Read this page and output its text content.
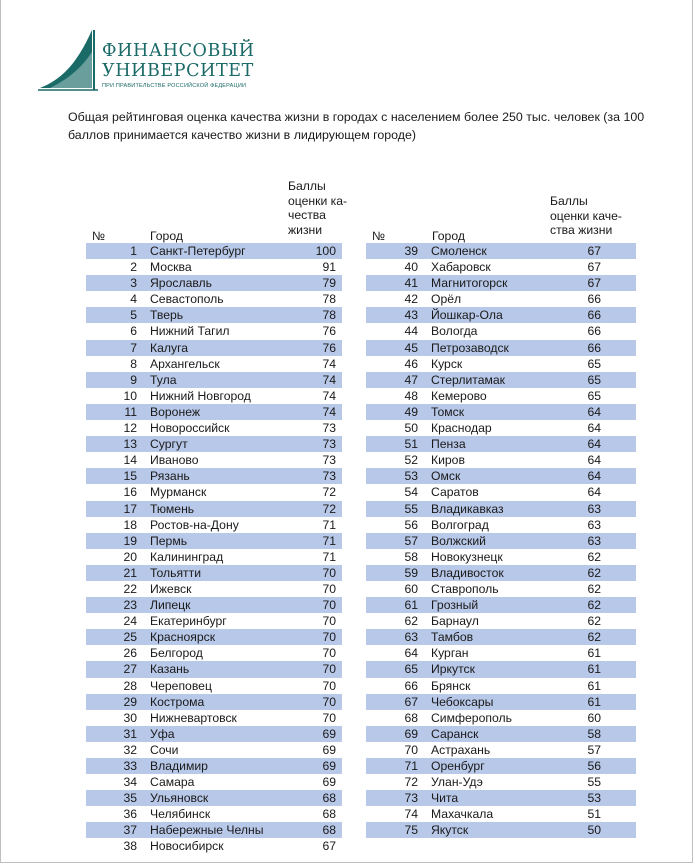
1919
ФИНАНСОВЫЙ
УНИВЕРСИТЕТ
ПРИ ПРАВИТЕЛЬСТВЕ РОССИЙСКОЙ ФЕДЕРАЦИИ
Общая рейтинговая оценка качества жизни в городах с населением более 250 тыс. человек (за 100 баллов принимается качество жизни в лидирующем городе)
№	Город
Баллы
оценки ка-
чества
жизни	№	Город
Баллы
оценки каче-
ства жизни
1 Санкт-Петербург	100
2 Москва	91
3 Ярославль	79
4 Севастополь	78
5 Тверь	78
6 Нижний Тагил	76
7 Калуга	76
8 Архангельск	74
9 Тула	74
10 Нижний Новгород	74
11 Воронеж	74
12 Новороссийск	73
13 Сургут	73
14 Иваново	73
15 Рязань	73
16 Мурманск	72
17 Тюмень	72
18 Ростов-на-Дону	71
19 Пермь	71
20 Калининград	71
21 Тольятти	70
22 Ижевск	70
23 Липецк	70
24 Екатеринбург	70
25 Красноярск	70
26 Белгород	70
27 Казань	70
28 Череповец	70
29 Кострома	70
30 Нижневартовск	70
31 Уфа	69
32 Сочи	69
33 Владимир	69
34 Самара	69
35 Ульяновск	68
36 Челябинск	68
37 Набережные Челны	68
38 Новосибирск	67
39 Смоленск	67
40 Хабаровск	67
41 Магнитогорск	67
42 Орёл	66
43 Йошкар-Ола	66
44 Вологда	66
45 Петрозаводск	66
46 Курск	65
47 Стерлитамак	65
48 Кемерово	65
49 Томск	64
50 Краснодар	64
51 Пенза	64
52 Киров	64
53 Омск	64
54 Саратов	64
55 Владикавказ	63
56 Волгоград	63
57 Волжский	63
58 Новокузнецк	62
59 Владивосток	62
60 Ставрополь	62
61 Грозный	62
62 Барнаул	62
63 Тамбов	62
64 Курган	61
65 Иркутск	61
66 Брянск	61
67 Чебоксары	61
68 Симферополь	60
69 Саранск	58
70 Астрахань	57
71 Оренбург	56
72 Улан-Удэ	55
73 Чита	53
74 Махачкала	51
75 Якутск	50
